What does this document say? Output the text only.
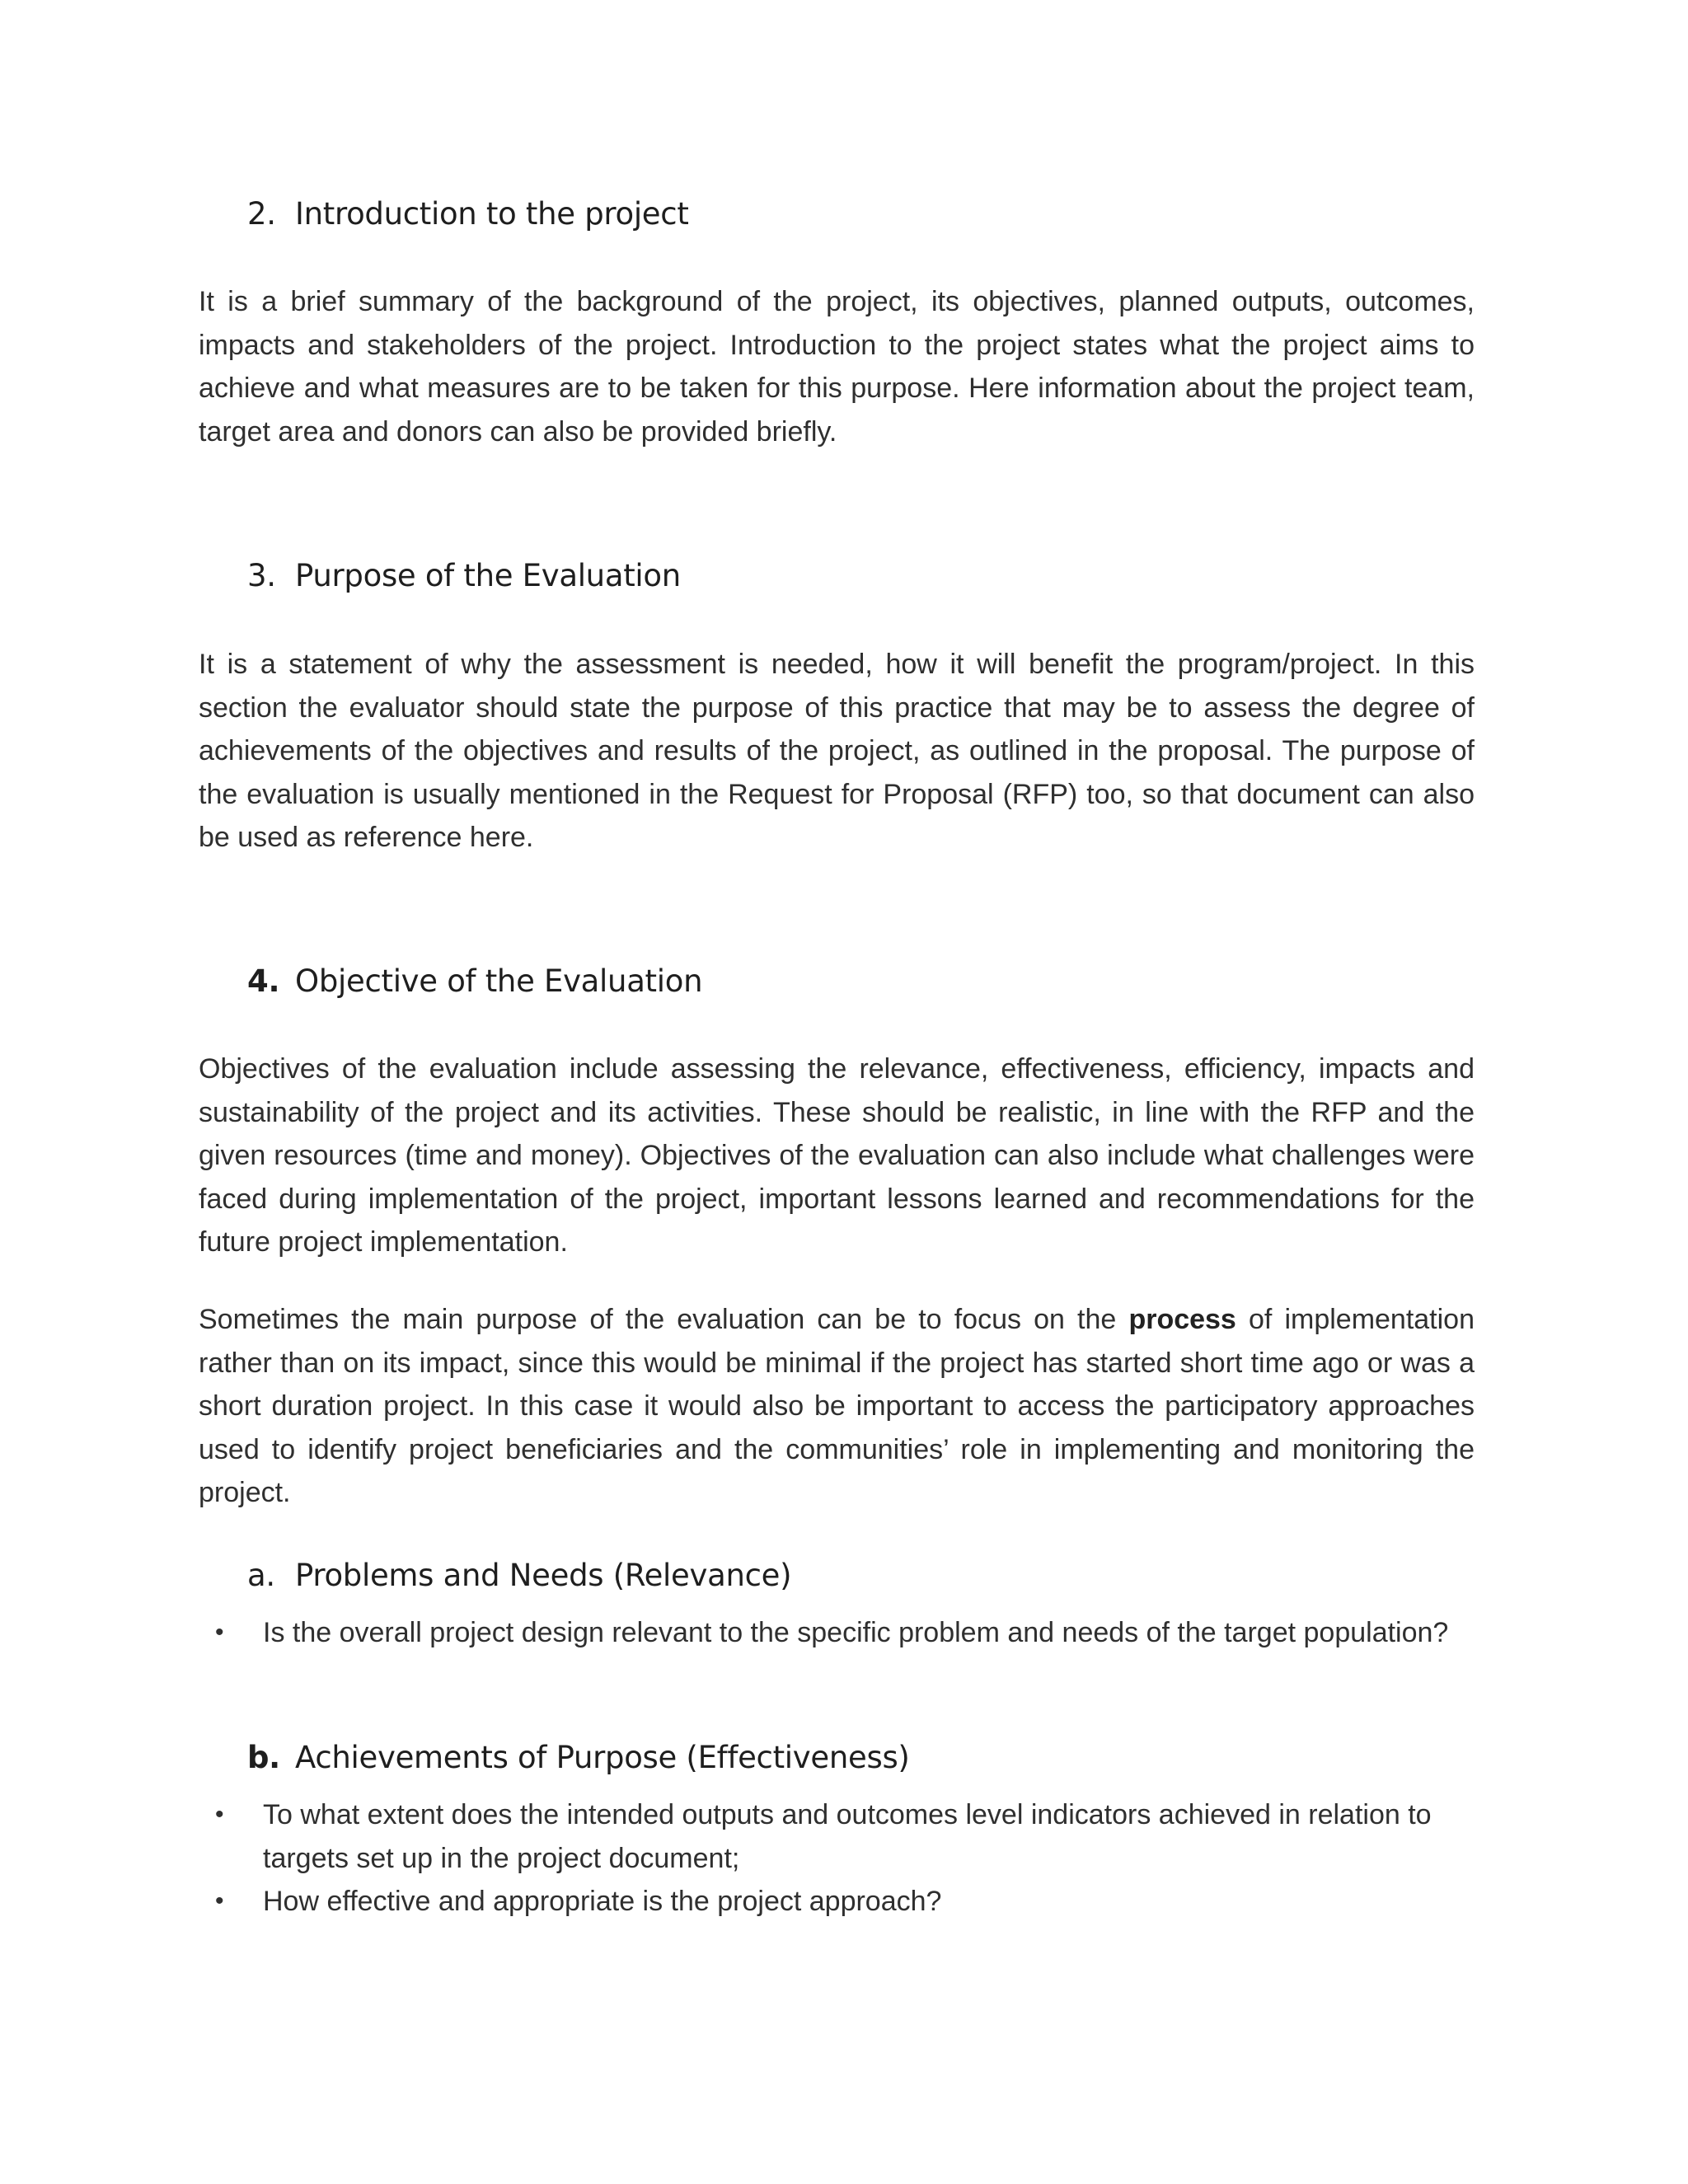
2. Introduction to the project

It is a brief summary of the background of the project, its objectives, planned outputs, outcomes, impacts and stakeholders of the project. Introduction to the project states what the project aims to achieve and what measures are to be taken for this purpose. Here information about the project team, target area and donors can also be provided briefly.

3. Purpose of the Evaluation

It is a statement of why the assessment is needed, how it will benefit the program/project. In this section the evaluator should state the purpose of this practice that may be to assess the degree of achievements of the objectives and results of the project, as outlined in the proposal. The purpose of the evaluation is usually mentioned in the Request for Proposal (RFP) too, so that document can also be used as reference here.

4. Objective of the Evaluation

Objectives of the evaluation include assessing the relevance, effectiveness, efficiency, impacts and sustainability of the project and its activities. These should be realistic, in line with the RFP and the given resources (time and money). Objectives of the evaluation can also include what challenges were faced during implementation of the project, important lessons learned and recommendations for the future project implementation.

Sometimes the main purpose of the evaluation can be to focus on the process of implementation rather than on its impact, since this would be minimal if the project has started short time ago or was a short duration project. In this case it would also be important to access the participatory approaches used to identify project beneficiaries and the communities’ role in implementing and monitoring the project.

a. Problems and Needs (Relevance)
• Is the overall project design relevant to the specific problem and needs of the target population?
b. Achievements of Purpose (Effectiveness)
• To what extent does the intended outputs and outcomes level indicators achieved in relation to targets set up in the project document;
• How effective and appropriate is the project approach?
